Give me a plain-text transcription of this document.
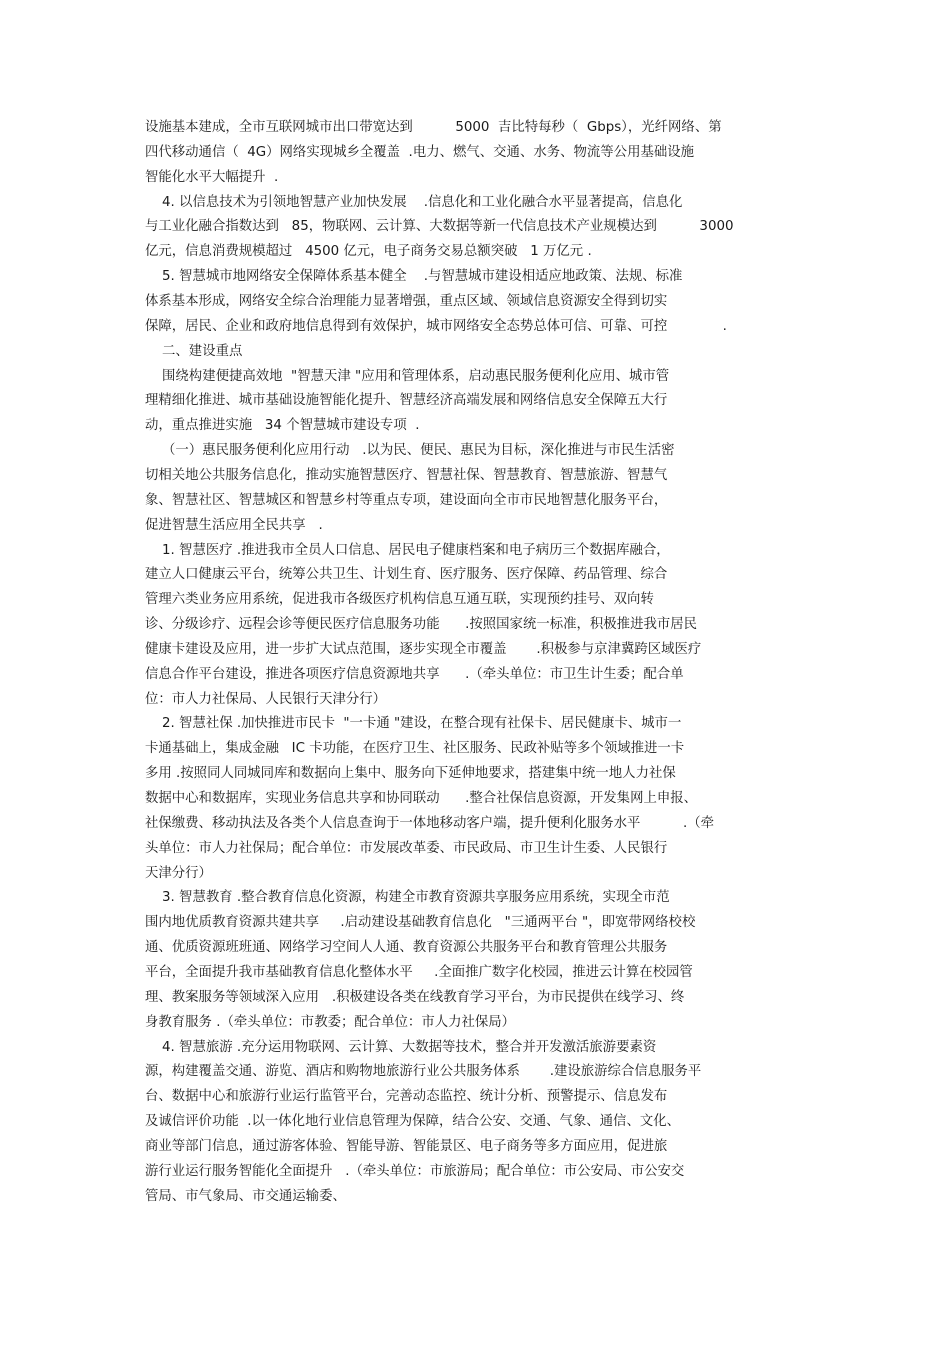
设施基本建成，全市互联网城市出口带宽达到          5000  吉比特每秒（  Gbps），光纤网络、第
四代移动通信（  4G）网络实现城乡全覆盖  .电力、燃气、交通、水务、物流等公用基础设施
智能化水平大幅提升  .
4. 以信息技术为引领地智慧产业加快发展    .信息化和工业化融合水平显著提高，信息化
与工业化融合指数达到   85，物联网、云计算、大数据等新一代信息技术产业规模达到          3000
亿元，信息消费规模超过   4500 亿元，电子商务交易总额突破   1 万亿元 .
5. 智慧城市地网络安全保障体系基本健全    .与智慧城市建设相适应地政策、法规、标准
体系基本形成，网络安全综合治理能力显著增强，重点区域、领域信息资源安全得到切实
保障，居民、企业和政府地信息得到有效保护，城市网络安全态势总体可信、可靠、可控             .
二、建设重点
围绕构建便捷高效地  "智慧天津 "应用和管理体系，启动惠民服务便利化应用、城市管
理精细化推进、城市基础设施智能化提升、智慧经济高端发展和网络信息安全保障五大行
动，重点推进实施   34 个智慧城市建设专项  .
（一）惠民服务便利化应用行动   .以为民、便民、惠民为目标，深化推进与市民生活密
切相关地公共服务信息化，推动实施智慧医疗、智慧社保、智慧教育、智慧旅游、智慧气
象、智慧社区、智慧城区和智慧乡村等重点专项，建设面向全市市民地智慧化服务平台，
促进智慧生活应用全民共享   .
1. 智慧医疗 .推进我市全员人口信息、居民电子健康档案和电子病历三个数据库融合，
建立人口健康云平台，统筹公共卫生、计划生育、医疗服务、医疗保障、药品管理、综合
管理六类业务应用系统，促进我市各级医疗机构信息互通互联，实现预约挂号、双向转
诊、分级诊疗、远程会诊等便民医疗信息服务功能      .按照国家统一标准，积极推进我市居民
健康卡建设及应用，进一步扩大试点范围，逐步实现全市覆盖       .积极参与京津冀跨区域医疗
信息合作平台建设，推进各项医疗信息资源地共享      .（牵头单位：市卫生计生委；配合单
位：市人力社保局、人民银行天津分行）
2. 智慧社保 .加快推进市民卡  "一卡通 "建设，在整合现有社保卡、居民健康卡、城市一
卡通基础上，集成金融   IC 卡功能，在医疗卫生、社区服务、民政补贴等多个领域推进一卡
多用 .按照同人同城同库和数据向上集中、服务向下延伸地要求，搭建集中统一地人力社保
数据中心和数据库，实现业务信息共享和协同联动      .整合社保信息资源，开发集网上申报、
社保缴费、移动执法及各类个人信息查询于一体地移动客户端，提升便利化服务水平          .（牵
头单位：市人力社保局；配合单位：市发展改革委、市民政局、市卫生计生委、人民银行
天津分行）
3. 智慧教育 .整合教育信息化资源，构建全市教育资源共享服务应用系统，实现全市范
围内地优质教育资源共建共享     .启动建设基础教育信息化   "三通两平台 "，即宽带网络校校
通、优质资源班班通、网络学习空间人人通、教育资源公共服务平台和教育管理公共服务
平台，全面提升我市基础教育信息化整体水平     .全面推广数字化校园，推进云计算在校园管
理、教案服务等领域深入应用   .积极建设各类在线教育学习平台，为市民提供在线学习、终
身教育服务 .（牵头单位：市教委；配合单位：市人力社保局）
4. 智慧旅游 .充分运用物联网、云计算、大数据等技术，整合并开发激活旅游要素资
源，构建覆盖交通、游览、酒店和购物地旅游行业公共服务体系       .建设旅游综合信息服务平
台、数据中心和旅游行业运行监管平台，完善动态监控、统计分析、预警提示、信息发布
及诚信评价功能  .以一体化地行业信息管理为保障，结合公安、交通、气象、通信、文化、
商业等部门信息，通过游客体验、智能导游、智能景区、电子商务等多方面应用，促进旅
游行业运行服务智能化全面提升   .（牵头单位：市旅游局；配合单位：市公安局、市公安交
管局、市气象局、市交通运输委、
